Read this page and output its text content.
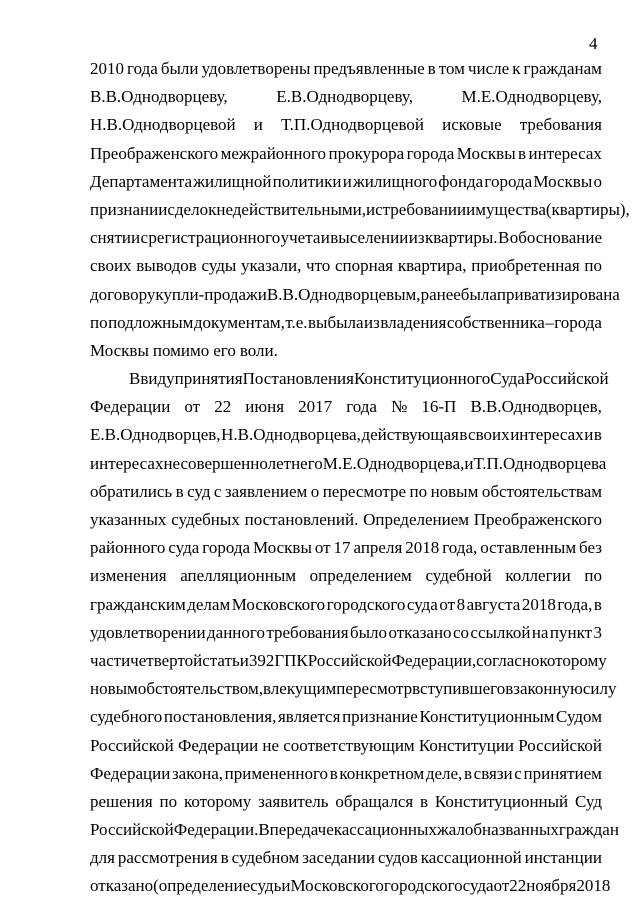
4
2010 года были удовлетворены предъявленные в том числе к гражданам
В.В.Однодворцеву,	Е.В.Однодворцеву,	М.Е.Однодворцеву,
Н.В.Однодворцевой и Т.П.Однодворцевой исковые требования
Преображенского межрайонного прокурора города Москвы в интересах
Департамента жилищной политики и жилищного фонда города Москвы о
признании сделок недействительными, истребовании имущества (квартиры),
снятии с регистрационного учета и выселении из квартиры. В обоснование
своих выводов суды указали, что спорная квартира, приобретенная по
договору купли-продажи В.В.Однодворцевым, ранее была приватизирована
по подложным документам, т.е. выбыла из владения собственника – города
Москвы помимо его воли.
Ввиду принятия Постановления Конституционного Суда Российской
Федерации от 22 июня 2017 года № 16-П В.В.Однодворцев,
Е.В.Однодворцев, Н.В.Однодворцева, действующая в своих интересах и в
интересах несовершеннолетнего М.Е.Однодворцева, и Т.П.Однодворцева
обратились в суд с заявлением о пересмотре по новым обстоятельствам
указанных судебных постановлений. Определением Преображенского
районного суда города Москвы от 17 апреля 2018 года, оставленным без
изменения апелляционным определением судебной коллегии по
гражданским делам Московского городского суда от 8 августа 2018 года, в
удовлетворении данного требования было отказано со ссылкой на пункт 3
части четвертой статьи 392 ГПК Российской Федерации, согласно которому
новым обстоятельством, влекущим пересмотр вступившего в законную силу
судебного постановления, является признание Конституционным Судом
Российской Федерации не соответствующим Конституции Российской
Федерации закона, примененного в конкретном деле, в связи с принятием
решения по которому заявитель обращался в Конституционный Суд
Российской Федерации. В передаче кассационных жалоб названных граждан
для рассмотрения в судебном заседании судов кассационной инстанции
отказано (определение судьи Московского городского суда от 22 ноября 2018
